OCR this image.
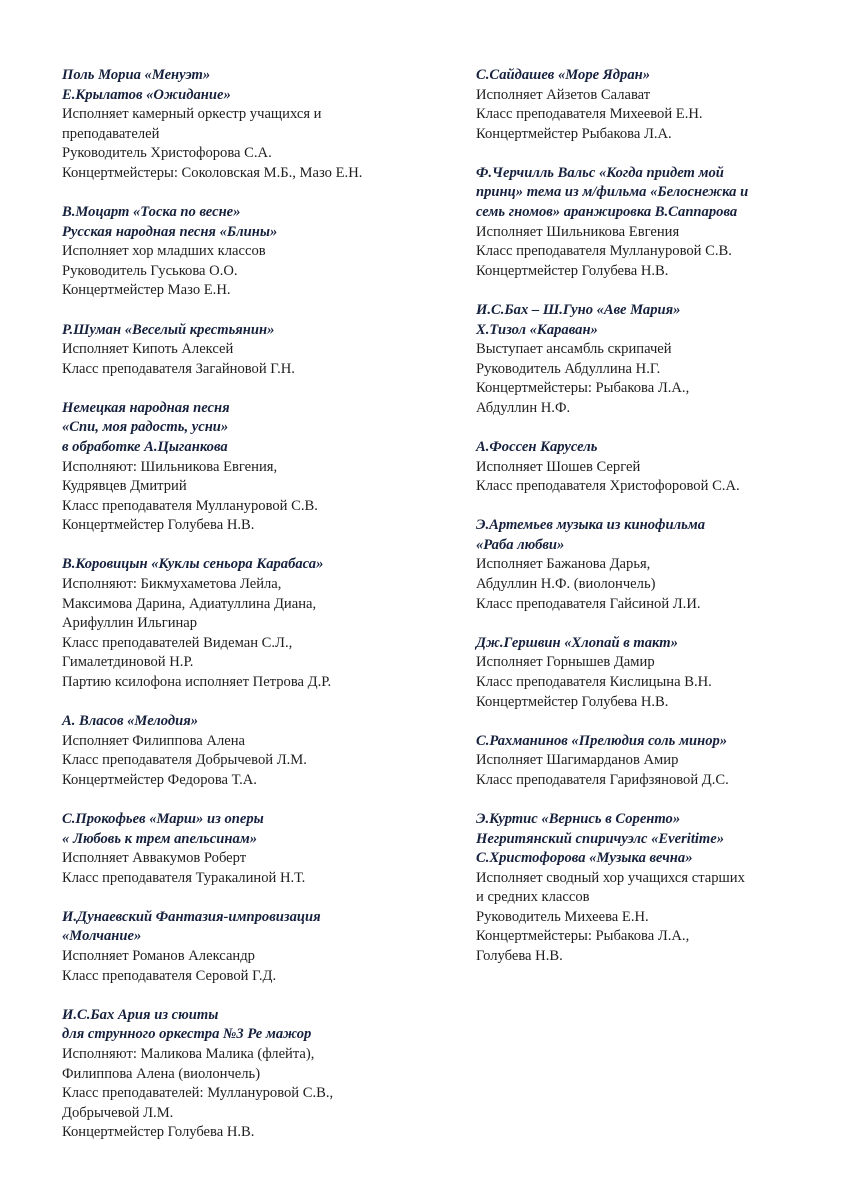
Поль Мориа «Менуэт»
Е.Крылатов «Ожидание»
Исполняет камерный оркестр учащихся и
преподавателей
Руководитель Христофорова С.А.
Концертмейстеры: Соколовская М.Б., Мазо Е.Н.
В.Моцарт «Тоска по весне»
Русская народная песня «Блины»
Исполняет хор младших классов
Руководитель Гуськова О.О.
Концертмейстер Мазо Е.Н.
Р.Шуман «Веселый крестьянин»
Исполняет Кипоть Алексей
Класс преподавателя Загайновой Г.Н.
Немецкая народная песня
«Спи, моя радость, усни»
в обработке А.Цыганкова
Исполняют: Шильникова Евгения,
Кудрявцев Дмитрий
Класс преподавателя Муллануровой С.В.
Концертмейстер Голубева Н.В.
В.Коровицын «Куклы сеньора Карабаса»
Исполняют: Бикмухаметова Лейла,
Максимова Дарина, Адиатуллина Диана,
Арифуллин Ильгинар
Класс преподавателей Видеман С.Л.,
Гималетдиновой Н.Р.
Партию ксилофона исполняет Петрова Д.Р.
А. Власов «Мелодия»
Исполняет Филиппова Алена
Класс преподавателя Добрычевой Л.М.
Концертмейстер Федорова Т.А.
С.Прокофьев «Марш» из оперы
« Любовь к трем апельсинам»
Исполняет Аввакумов Роберт
Класс преподавателя Туракалиной Н.Т.
И.Дунаевский Фантазия-импровизация
«Молчание»
Исполняет Романов Александр
Класс преподавателя Серовой Г.Д.
И.С.Бах Ария из сюиты
для струнного оркестра №3 Ре мажор
Исполняют: Маликова Малика (флейта),
Филиппова Алена (виолончель)
Класс преподавателей: Муллануровой С.В.,
Добрычевой Л.М.
Концертмейстер Голубева Н.В.
С.Сайдашев «Море Ядран»
Исполняет Айзетов Салават
Класс преподавателя Михеевой Е.Н.
Концертмейстер Рыбакова Л.А.
Ф.Черчилль Вальс «Когда придет мой
принц» тема из м/фильма «Белоснежка и
семь гномов» аранжировка В.Саппарова
Исполняет Шильникова Евгения
Класс преподавателя Муллануровой С.В.
Концертмейстер Голубева Н.В.
И.С.Бах – Ш.Гуно «Аве Мария»
Х.Тизол «Караван»
Выступает ансамбль скрипачей
Руководитель Абдуллина Н.Г.
Концертмейстеры: Рыбакова Л.А.,
Абдуллин Н.Ф.
А.Фоссен Карусель
Исполняет Шошев Сергей
Класс преподавателя Христофоровой С.А.
Э.Артемьев музыка из кинофильма
«Раба любви»
Исполняет Бажанова Дарья,
Абдуллин Н.Ф. (виолончель)
Класс преподавателя Гайсиной Л.И.
Дж.Гершвин «Хлопай в такт»
Исполняет Горнышев Дамир
Класс преподавателя Кислицына В.Н.
Концертмейстер Голубева Н.В.
С.Рахманинов «Прелюдия соль минор»
Исполняет Шагимарданов Амир
Класс преподавателя Гарифзяновой Д.С.
Э.Куртис «Вернись в Соренто»
Негритянский спиричуэлс «Everitime»
С.Христофорова «Музыка вечна»
Исполняет сводный хор учащихся старших
и средних классов
Руководитель Михеева Е.Н.
Концертмейстеры: Рыбакова Л.А.,
Голубева Н.В.
